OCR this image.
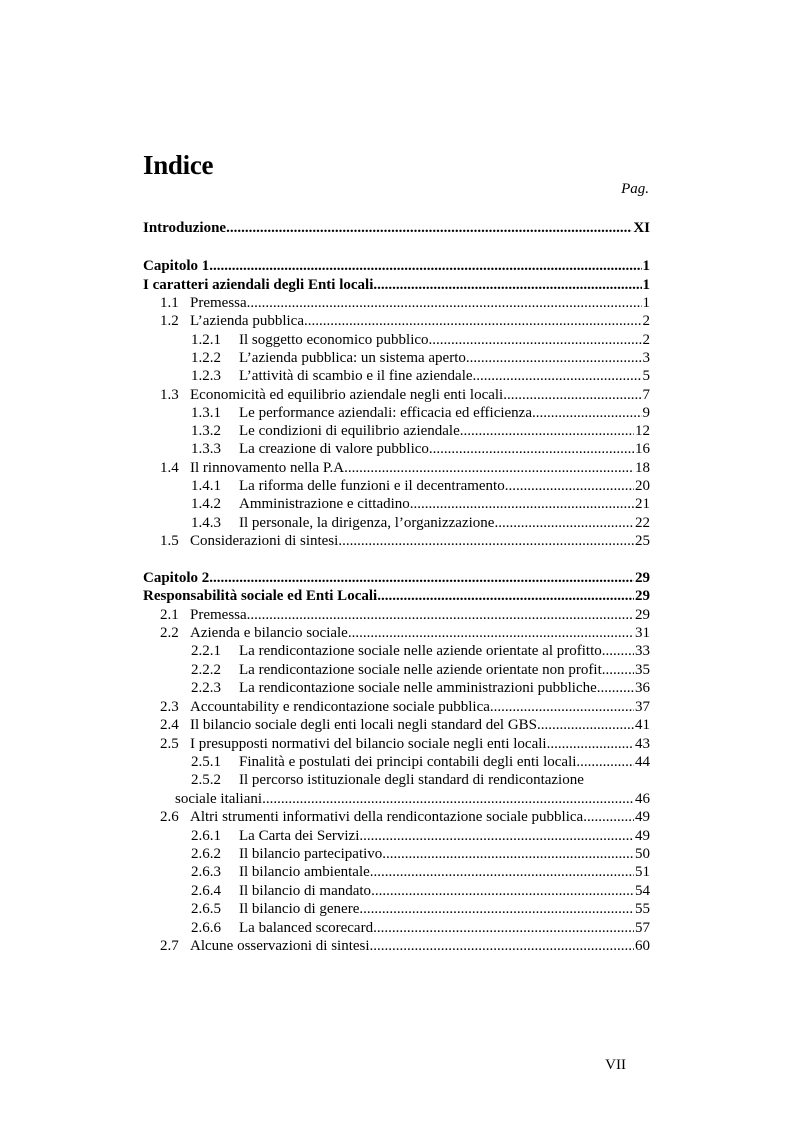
Indice
Pag.
Introduzione .....	XI
Capitolo 1 .....	1
I caratteri aziendali degli Enti locali .....	1
1.1 Premessa .....	1
1.2 L’azienda pubblica .....	2
1.2.1	Il soggetto economico pubblico .....	2
1.2.2	L’azienda pubblica: un sistema aperto .....	3
1.2.3	L’attività di scambio e il fine aziendale .....	5
1.3 Economicità ed equilibrio aziendale negli enti locali .....	7
1.3.1	Le performance aziendali: efficacia ed efficienza .....	9
1.3.2	Le condizioni di equilibrio aziendale .....	12
1.3.3	La creazione di valore pubblico .....	16
1.4 Il rinnovamento nella P.A. .....	18
1.4.1	La riforma delle funzioni e il decentramento .....	20
1.4.2	Amministrazione e cittadino .....	21
1.4.3	Il personale, la dirigenza, l’organizzazione .....	22
1.5 Considerazioni di sintesi .....	25
Capitolo 2 .....	29
Responsabilità sociale ed Enti Locali .....	29
2.1 Premessa .....	29
2.2 Azienda e bilancio sociale .....	31
2.2.1	La rendicontazione sociale nelle aziende orientate al profitto ..... 33
2.2.2	La rendicontazione sociale nelle aziende orientate non profit ..... 35
2.2.3	La rendicontazione sociale nelle amministrazioni pubbliche .....	36
2.3 Accountability e rendicontazione sociale pubblica .....	37
2.4 Il bilancio sociale degli enti locali negli standard del GBS .....	41
2.5 I presupposti normativi del bilancio sociale negli enti locali .....	43
2.5.1	Finalità e postulati dei principi contabili degli enti locali .....	44
2.5.2	Il percorso istituzionale degli standard di rendicontazione
sociale italiani .....	46
2.6 Altri strumenti informativi della rendicontazione sociale pubblica .....	49
2.6.1	La Carta dei Servizi .....	49
2.6.2	Il bilancio partecipativo .....	50
2.6.3	Il bilancio ambientale .....	51
2.6.4	Il bilancio di mandato .....	54
2.6.5	Il bilancio di genere .....	55
2.6.6	La balanced scorecard .....	57
2.7 Alcune osservazioni di sintesi .....	60
VII
